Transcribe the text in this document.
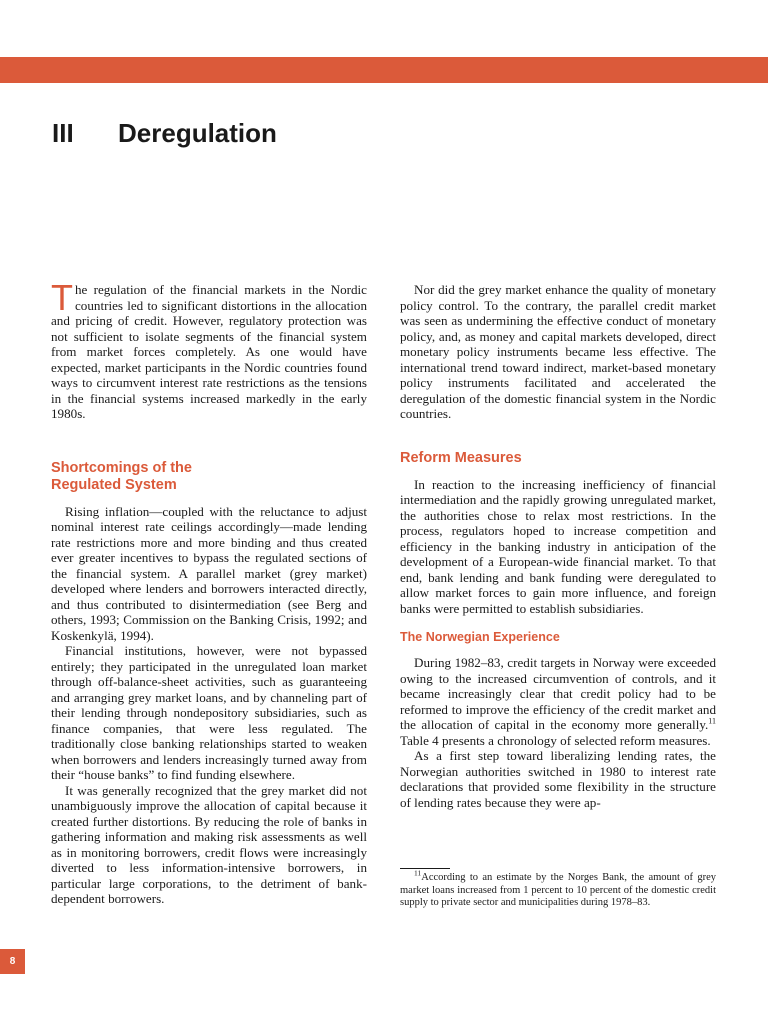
III Deregulation

The regulation of the financial markets in the Nordic countries led to significant distortions in the allocation and pricing of credit. However, regulatory protection was not sufficient to isolate segments of the financial system from market forces completely. As one would have expected, market participants in the Nordic countries found ways to circumvent interest rate restrictions as the tensions in the financial systems increased markedly in the early 1980s.

Shortcomings of the
Regulated System

Rising inflation—coupled with the reluctance to adjust nominal interest rate ceilings accordingly—made lending rate restrictions more and more binding and thus created ever greater incentives to bypass the regulated sections of the financial system. A parallel market (grey market) developed where lenders and borrowers interacted directly, and thus contributed to disintermediation (see Berg and others, 1993; Commission on the Banking Crisis, 1992; and Koskenkylä, 1994).

Financial institutions, however, were not bypassed entirely; they participated in the unregulated loan market through off-balance-sheet activities, such as guaranteeing and arranging grey market loans, and by channeling part of their lending through nondepository subsidiaries, such as finance companies, that were less regulated. The traditionally close banking relationships started to weaken when borrowers and lenders increasingly turned away from their “house banks” to find funding elsewhere.

It was generally recognized that the grey market did not unambiguously improve the allocation of capital because it created further distortions. By reducing the role of banks in gathering information and making risk assessments as well as in monitoring borrowers, credit flows were increasingly diverted to less information-intensive borrowers, in particular large corporations, to the detriment of bank-dependent borrowers.

Nor did the grey market enhance the quality of monetary policy control. To the contrary, the parallel credit market was seen as undermining the effective conduct of monetary policy, and, as money and capital markets developed, direct monetary policy instruments became less effective. The international trend toward indirect, market-based monetary policy instruments facilitated and accelerated the deregulation of the domestic financial system in the Nordic countries.

Reform Measures

In reaction to the increasing inefficiency of financial intermediation and the rapidly growing unregulated market, the authorities chose to relax most restrictions. In the process, regulators hoped to increase competition and efficiency in the banking industry in anticipation of the development of a European-wide financial market. To that end, bank lending and bank funding were deregulated to allow market forces to gain more influence, and foreign banks were permitted to establish subsidiaries.

The Norwegian Experience

During 1982–83, credit targets in Norway were exceeded owing to the increased circumvention of controls, and it became increasingly clear that credit policy had to be reformed to improve the efficiency of the credit market and the allocation of capital in the economy more generally.$^{11}$ Table 4 presents a chronology of selected reform measures.

As a first step toward liberalizing lending rates, the Norwegian authorities switched in 1980 to interest rate declarations that provided some flexibility in the structure of lending rates because they were ap-

$^{11}$According to an estimate by the Norges Bank, the amount of grey market loans increased from 1 percent to 10 percent of the domestic credit supply to private sector and municipalities during 1978–83.

8
